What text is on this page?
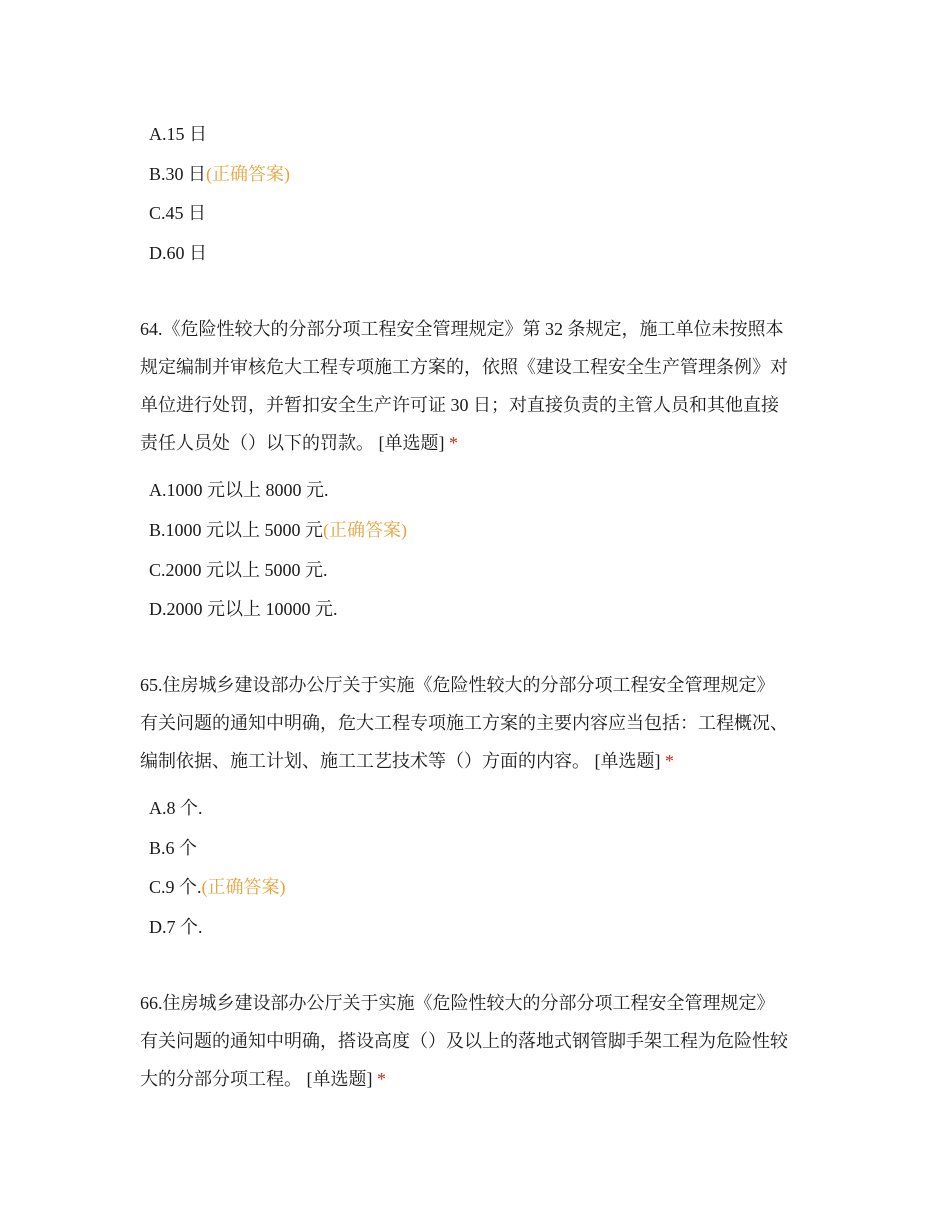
A.15 日
B.30 日(正确答案)
C.45 日
D.60 日

64.《危险性较大的分部分项工程安全管理规定》第 32 条规定，施工单位未按照本

规定编制并审核危大工程专项施工方案的，依照《建设工程安全生产管理条例》对

单位进行处罚，并暂扣安全生产许可证 30 日；对直接负责的主管人员和其他直接

责任人员处（）以下的罚款。 [单选题] *

A.1000 元以上 8000 元.
B.1000 元以上 5000 元(正确答案)
C.2000 元以上 5000 元.
D.2000 元以上 10000 元.

65.住房城乡建设部办公厅关于实施《危险性较大的分部分项工程安全管理规定》

有关问题的通知中明确，危大工程专项施工方案的主要内容应当包括：工程概况、

编制依据、施工计划、施工工艺技术等（）方面的内容。 [单选题] *

A.8 个.
B.6 个
C.9 个.(正确答案)
D.7 个.

66.住房城乡建设部办公厅关于实施《危险性较大的分部分项工程安全管理规定》

有关问题的通知中明确，搭设高度（）及以上的落地式钢管脚手架工程为危险性较

大的分部分项工程。 [单选题] *
